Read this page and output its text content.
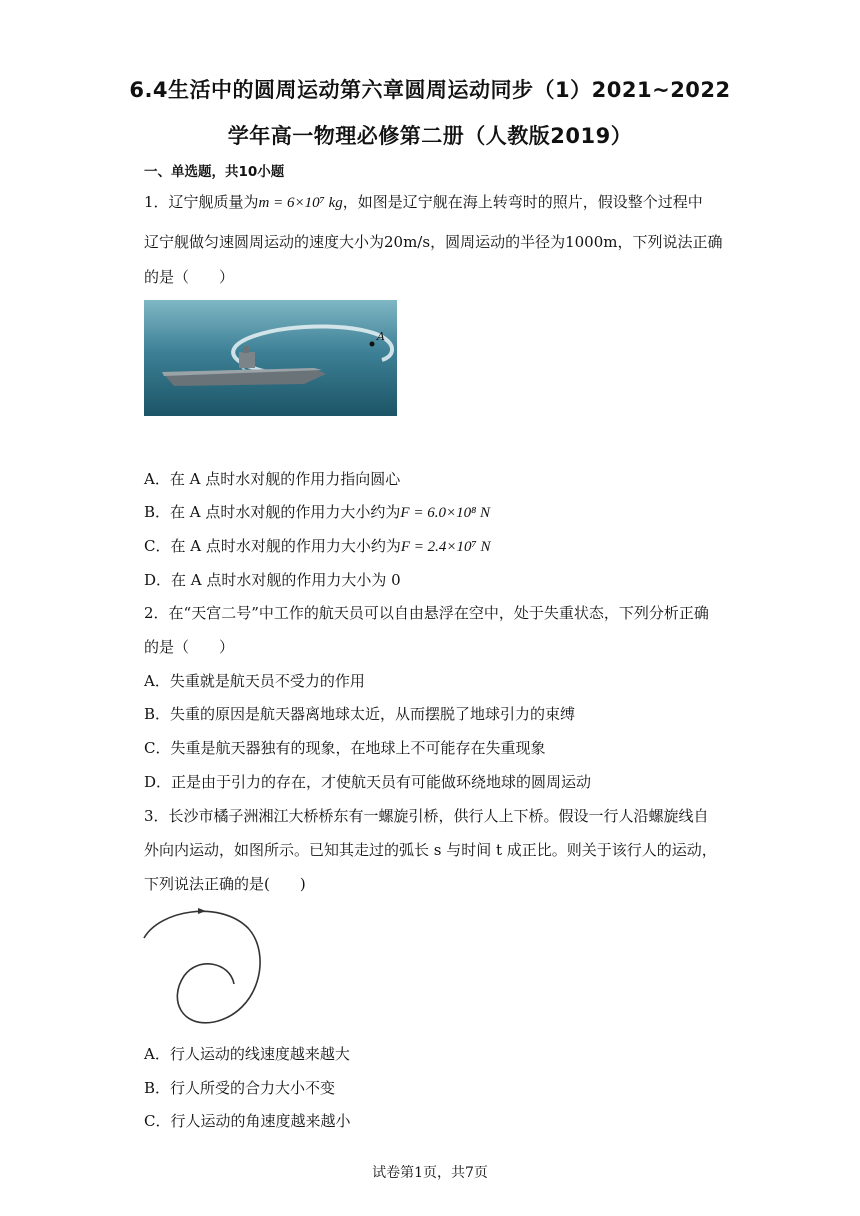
6.4生活中的圆周运动第六章圆周运动同步（1）2021~2022
学年高一物理必修第二册（人教版2019）
一、单选题，共10小题
1．辽宁舰质量为m = 6×10⁷ kg，如图是辽宁舰在海上转弯时的照片，假设整个过程中
辽宁舰做匀速圆周运动的速度大小为20m/s，圆周运动的半径为1000m，下列说法正确
的是（　　）
A
A．在 A 点时水对舰的作用力指向圆心
B．在 A 点时水对舰的作用力大小约为F = 6.0×10⁸ N
C．在 A 点时水对舰的作用力大小约为F = 2.4×10⁷ N
D．在 A 点时水对舰的作用力大小为 0
2．在“天宫二号”中工作的航天员可以自由悬浮在空中，处于失重状态，下列分析正确
的是（　　）
A．失重就是航天员不受力的作用
B．失重的原因是航天器离地球太近，从而摆脱了地球引力的束缚
C．失重是航天器独有的现象，在地球上不可能存在失重现象
D．正是由于引力的存在，才使航天员有可能做环绕地球的圆周运动
3．长沙市橘子洲湘江大桥桥东有一螺旋引桥，供行人上下桥。假设一行人沿螺旋线自
外向内运动，如图所示。已知其走过的弧长 s 与时间 t 成正比。则关于该行人的运动，
下列说法正确的是(　　)
A．行人运动的线速度越来越大
B．行人所受的合力大小不变
C．行人运动的角速度越来越小
试卷第1页，共7页
